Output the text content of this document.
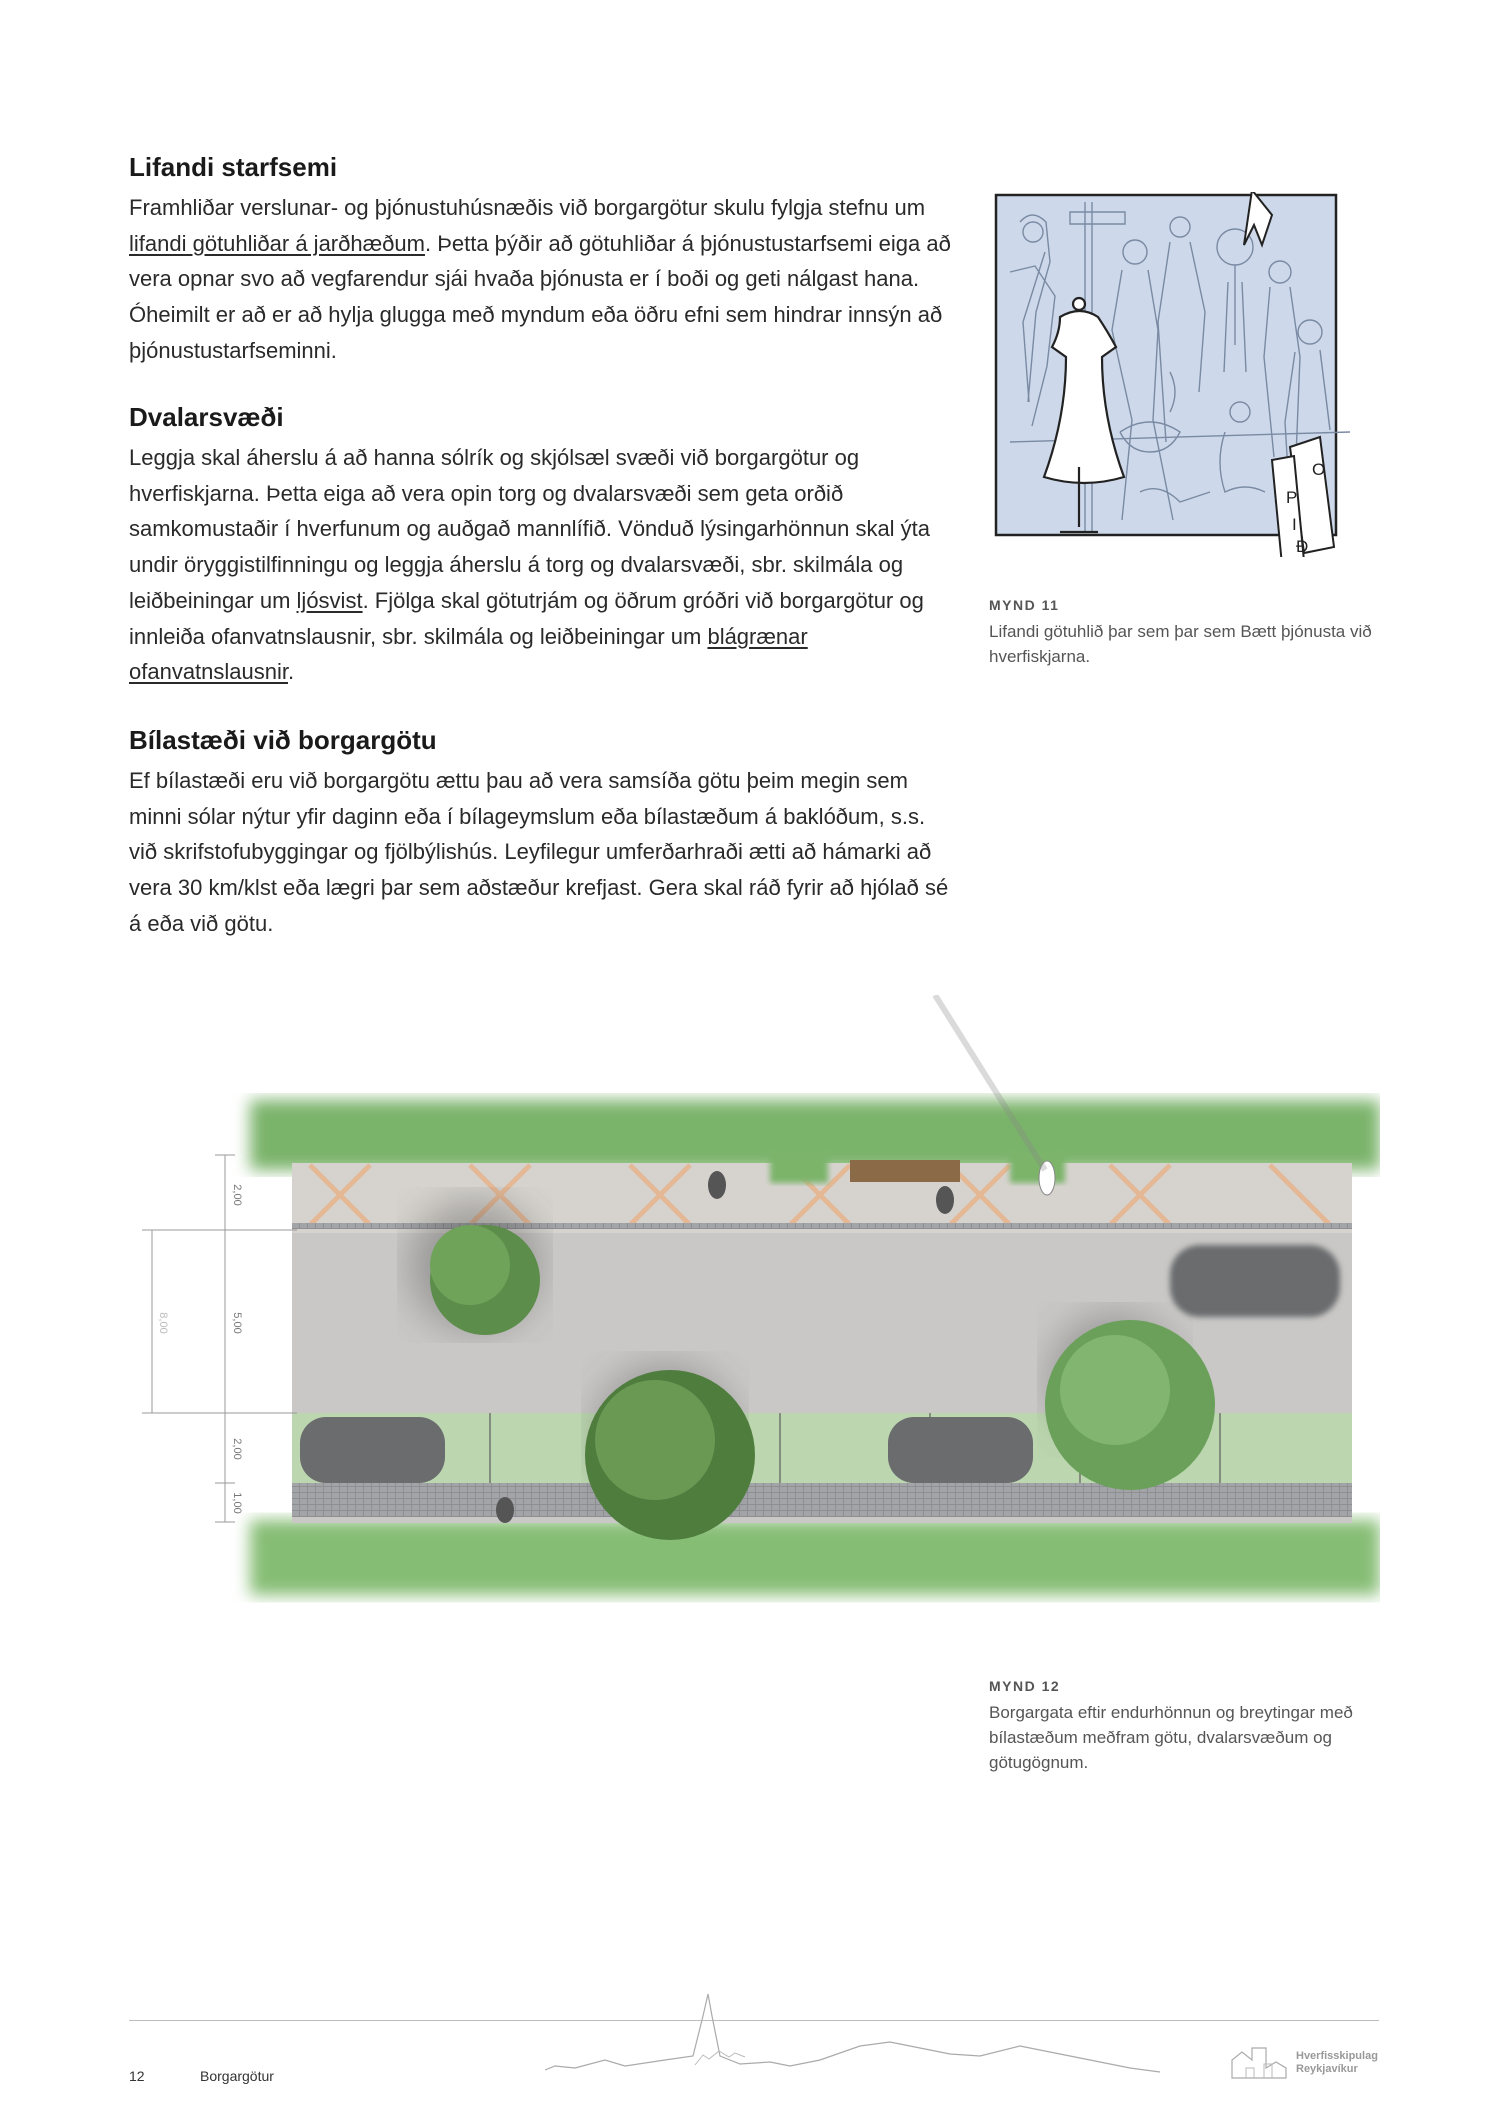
Lifandi starfsemi

Framhliðar verslunar- og þjónustuhúsnæðis við borgargötur skulu fylgja stefnu um lifandi götuhliðar á jarðhæðum. Þetta þýðir að götuhliðar á þjónustustarfsemi eiga að vera opnar svo að vegfarendur sjái hvaða þjónusta er í boði og geti nálgast hana. Óheimilt er að er að hylja glugga með myndum eða öðru efni sem hindrar innsýn að þjónustustarfseminni.

Dvalarsvæði

Leggja skal áherslu á að hanna sólrík og skjólsæl svæði við borgargötur og hverfiskjarna. Þetta eiga að vera opin torg og dvalarsvæði sem geta orðið samkomustaðir í hverfunum og auðgað mannlífið. Vönduð lýsingarhönnun skal ýta undir öryggistilfinningu og leggja áherslu á torg og dvalarsvæði, sbr. skilmála og leiðbeiningar um ljósvist. Fjölga skal götutrjám og öðrum gróðri við borgargötur og innleiða ofanvatnslausnir, sbr. skilmála og leiðbeiningar um blágrænar ofanvatnslausnir.

Bílastæði við borgargötu

Ef bílastæði eru við borgargötu ættu þau að vera samsíða götu þeim megin sem minni sólar nýtur yfir daginn eða í bílageymslum eða bílastæðum á baklóðum, s.s. við skrifstofubyggingar og fjölbýlishús. Leyfilegur umferðarhraði ætti að hámarki að vera 30 km/klst eða lægri þar sem aðstæður krefjast. Gera skal ráð fyrir að hjólað sé á eða við götu.

O
P
I
Ð
MYND 11
Lifandi götuhlið þar sem þar sem Bætt þjónusta við hverfiskjarna.
2,00
5,00
2,00
1,00
8,00
MYND 12
Borgargata eftir endurhönnun og breytingar með bílastæðum meðfram götu, dvalarsvæðum og götugögnum.
12	Borgargötur
Hverfisskipulag
Reykjavíkur
